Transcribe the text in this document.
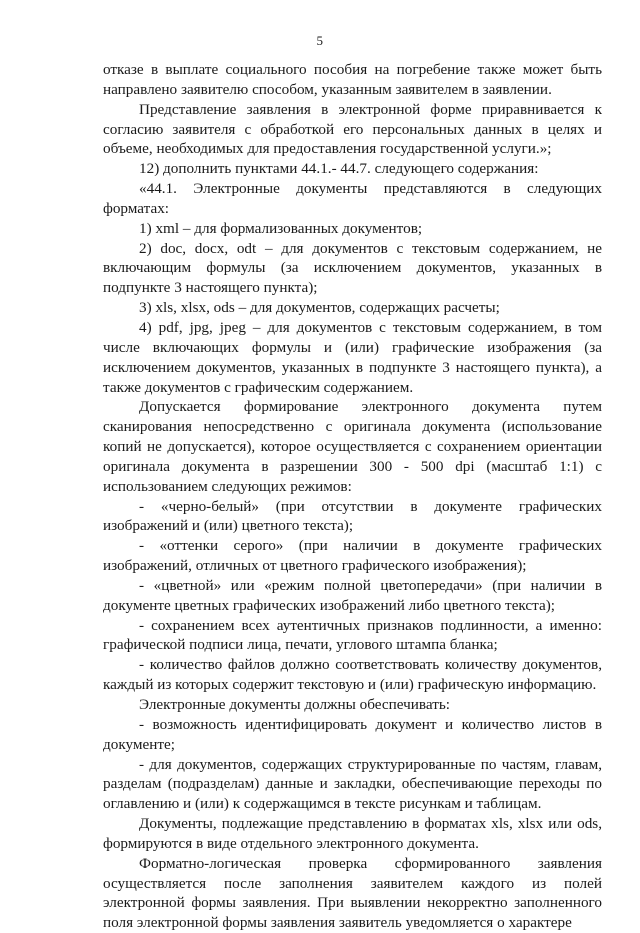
5

отказе в выплате социального пособия на погребение также может быть направлено заявителю способом, указанным заявителем в заявлении.

Представление заявления в электронной форме приравнивается к согласию заявителя с обработкой его персональных данных в целях и объеме, необходимых для предоставления государственной услуги.»;

12) дополнить пунктами 44.1.- 44.7. следующего содержания:

«44.1. Электронные документы представляются в следующих форматах:

1) xml – для формализованных документов;

2) doc, docx, odt – для документов с текстовым содержанием, не включающим формулы (за исключением документов, указанных в подпункте 3 настоящего пункта);

3) xls, xlsx, ods – для документов, содержащих расчеты;

4) pdf, jpg, jpeg – для документов с текстовым содержанием, в том числе включающих формулы и (или) графические изображения (за исключением документов, указанных в подпункте 3 настоящего пункта), а также документов с графическим содержанием.

Допускается формирование электронного документа путем сканирования непосредственно с оригинала документа (использование копий не допускается), которое осуществляется с сохранением ориентации оригинала документа в разрешении 300 - 500 dpi (масштаб 1:1) с использованием следующих режимов:

- «черно-белый» (при отсутствии в документе графических изображений и (или) цветного текста);

- «оттенки серого» (при наличии в документе графических изображений, отличных от цветного графического изображения);

- «цветной» или «режим полной цветопередачи» (при наличии в документе цветных графических изображений либо цветного текста);

- сохранением всех аутентичных признаков подлинности, а именно: графической подписи лица, печати, углового штампа бланка;

- количество файлов должно соответствовать количеству документов, каждый из которых содержит текстовую и (или) графическую информацию.

Электронные документы должны обеспечивать:

- возможность идентифицировать документ и количество листов в документе;

- для документов, содержащих структурированные по частям, главам, разделам (подразделам) данные и закладки, обеспечивающие переходы по оглавлению и (или) к содержащимся в тексте рисункам и таблицам.

Документы, подлежащие представлению в форматах xls, xlsx или ods, формируются в виде отдельного электронного документа.

Форматно-логическая проверка сформированного заявления осуществляется после заполнения заявителем каждого из полей электронной формы заявления. При выявлении некорректно заполненного поля электронной формы заявления заявитель уведомляется о характере
